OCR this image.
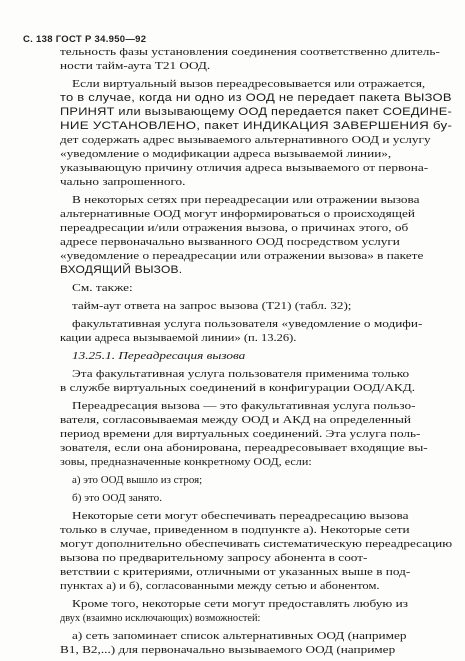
С. 138 ГОСТ Р 34.950—92
тельность фазы установления соединения соответственно длитель-
ности тайм-аута T21 ООД.
Если виртуальный вызов переадресовывается или отражается,
то в случае, когда ни одно из ООД не передает пакета ВЫЗОВ
ПРИНЯТ или вызывающему ООД передается пакет СОЕДИНЕ-
НИЕ УСТАНОВЛЕНО, пакет ИНДИКАЦИЯ ЗАВЕРШЕНИЯ бу-
дет содержать адрес вызываемого альтернативного ООД и услугу
«уведомление о модификации адреса вызываемой линии»,
указывающую причину отличия адреса вызываемого от первона-
чально запрошенного.
В некоторых сетях при переадресации или отражении вызова
альтернативные ООД могут информироваться о происходящей
переадресации и/или отражения вызова, о причинах этого, об
адресе первоначально вызванного ООД посредством услуги
«уведомление о переадресации или отражении вызова» в пакете
ВХОДЯЩИЙ ВЫЗОВ.
См. также:
тайм-аут ответа на запрос вызова (T21) (табл. 32);
факультативная услуга пользователя «уведомление о модифи-
кации адреса вызываемой линии» (п. 13.26).
13.25.1. Переадресация вызова
Эта факультативная услуга пользователя применима только
в службе виртуальных соединений в конфигурации ООД/АКД.
Переадресация вызова — это факультативная услуга пользо-
вателя, согласовываемая между ООД и АКД на определенный
период времени для виртуальных соединений. Эта услуга поль-
зователя, если она абонирована, переадресовывает входящие вы-
зовы, предназначенные конкретному ООД, если:
а) это ООД вышло из строя;
б) это ООД занято.
Некоторые сети могут обеспечивать переадресацию вызова
только в случае, приведенном в подпункте а). Некоторые сети
могут дополнительно обеспечивать систематическую переадресацию
вызова по предварительному запросу абонента в соот-
ветствии с критериями, отличными от указанных выше в под-
пунктах а) и б), согласованными между сетью и абонентом.
Кроме того, некоторые сети могут предоставлять любую из
двух (взаимно исключающих) возможностей:
а) сеть запоминает список альтернативных ООД (например
B1, B2,...) для первоначально вызываемого ООД (например
